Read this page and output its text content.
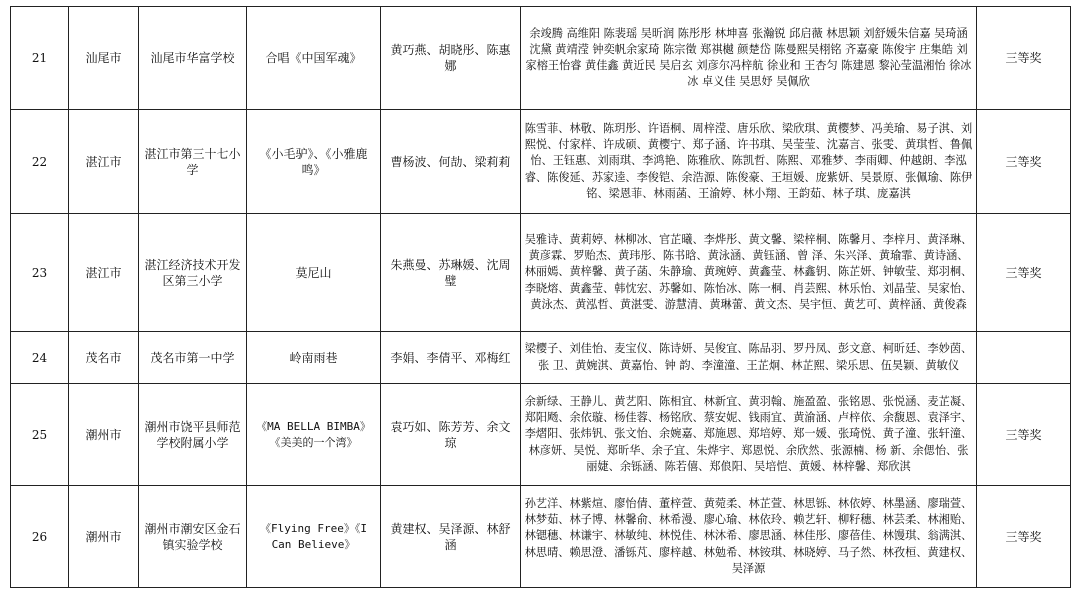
21	汕尾市	汕尾市华富学校	合唱《中国军魂》	黄巧燕、胡晓彤、陈惠娜	余竣腾 高维阳 陈裴瑶 吴昕润 陈彤彤 林坤喜 张瀚锐 邱启薇 林思颖 刘舒媛朱信嘉 吴琦涵 沈黛 黄靖滢 钟奕帆余家琦 陈宗徵 郑祺樾 颜楚岱 陈曼熙吴栩铭 齐嘉豪 陈俊宇 庄集皓 刘家榕王怡睿 黄佳鑫 黄近民 吴启玄 刘彦尔冯梓航 徐业和 王杏匀 陈建恩 黎沁莹温湘怡 徐冰冰 卓义佳 吴思妤 吴佩欣	三等奖
22	湛江市	湛江市第三十七小学	《小毛驴》、《小雅鹿鸣》	曹杨波、何劼、梁莉莉	陈雪菲、林敬、陈玥彤、许语桐、周梓滢、唐乐欣、梁欣琪、黄樱梦、冯美瑜、易子淇、刘熙悦、付家样、许成硕、黄樱宁、郑子涵、许书琪、吴莹莹、沈嘉言、张雯、黄琪哲、鲁佩怡、王钰惠、刘雨琪、李鸿艳、陈雅欣、陈凯哲、陈熙、邓雅梦、李雨卿、仲越朗、李泓睿、陈俊延、苏家逵、李俊铠、余浩源、陈俊豪、王垣媛、庞紫妍、吴景原、张佩瑜、陈伊铭、梁恩菲、林雨菡、王渝婷、林小翔、王韵茹、林子琪、庞嘉淇	三等奖
23	湛江市	湛江经济技术开发区第三小学	莫尼山	朱燕曼、苏琳媛、沈周璧	吴雅诗、黄莉婷、林柳冰、官芷曦、李烨彤、黄文馨、梁梓桐、陈馨月、李梓月、黄泽琳、黄彦霖、罗贻杰、黄玮彤、陈书晗、黄泳涵、黄钰涵、曾 泽、朱兴泽、黄瑜霏、黄诗涵、林丽嫣、黄梓馨、黄子菡、朱静瑜、黄琬婷、黄鑫莹、林鑫钥、陈芷妍、钟敏莹、郑羽桐、李晓熔、黄鑫莹、韩忱宏、苏馨如、陈怡冰、陈一桐、肖芸熙、林乐怡、刘晶莹、吴家怡、黄泳杰、黄泓哲、黄湛雯、游慧清、黄琳蕾、黄文杰、吴宇恒、黄艺可、黄梓涵、黄俊森	三等奖
24	茂名市	茂名市第一中学	岭南雨巷	李娟、李倩平、邓梅红	梁樱子、刘佳怡、麦宝仪、陈诗妍、吴俊宜、陈品羽、罗丹凤、彭文意、柯昕廷、李妙茵、张 卫、黄婉淇、黄嘉怡、钟 韵、李潼潼、王芷炯、林芷熙、梁乐思、伍昊颖、黄敏仪	
25	潮州市	潮州市饶平县师范学校附属小学	《MA BELLA BIMBA》《美美的一个湾》	袁巧如、陈芳芳、余文琼	余新绿、王静儿、黄艺阳、陈相宜、林新宜、黄羽翰、施盈盈、张铭恩、张悦涵、麦芷凝、郑阳飏、余依璇、杨佳蓉、杨铭欣、蔡安妮、钱雨宜、黄渝涵、卢梓依、余馥恩、袁泽宇、李熠阳、张炜钒、张文怡、余婉嘉、郑施恩、郑培婷、郑一媛、张琦悦、黄子潼、张轩潼、林彦妍、吴悦、郑昕华、余子宜、朱烨宇、郑恩悦、余欣然、张源楠、杨 新、余偲怡、张丽婕、余铄涵、陈若僖、郑俍阳、吴培恺、黄媛、林梓馨、郑欣淇	三等奖
26	潮州市	潮州市潮安区金石镇实验学校	《Flying Free》《I Can Believe》	黄建权、吴泽源、林舒涵	孙艺洋、林紫煊、廖怡倩、董梓萱、黄菀柔、林芷萱、林思铄、林依婷、林墨涵、廖瑞萱、林梦茹、林子博、林馨俞、林希漫、廖心瑜、林依玲、赖艺轩、柳籽穗、林芸柔、林湘贻、林锶穗、林谦宇、林敏纯、林悦佳、林沐希、廖思涵、林佳彤、廖蓓佳、林馒琪、翁满淇、林思晴、赖思澄、潘铄芃、廖梓越、林勉希、林铵琪、林晓婷、马子然、林孜桓、黄建权、吴泽源	三等奖
